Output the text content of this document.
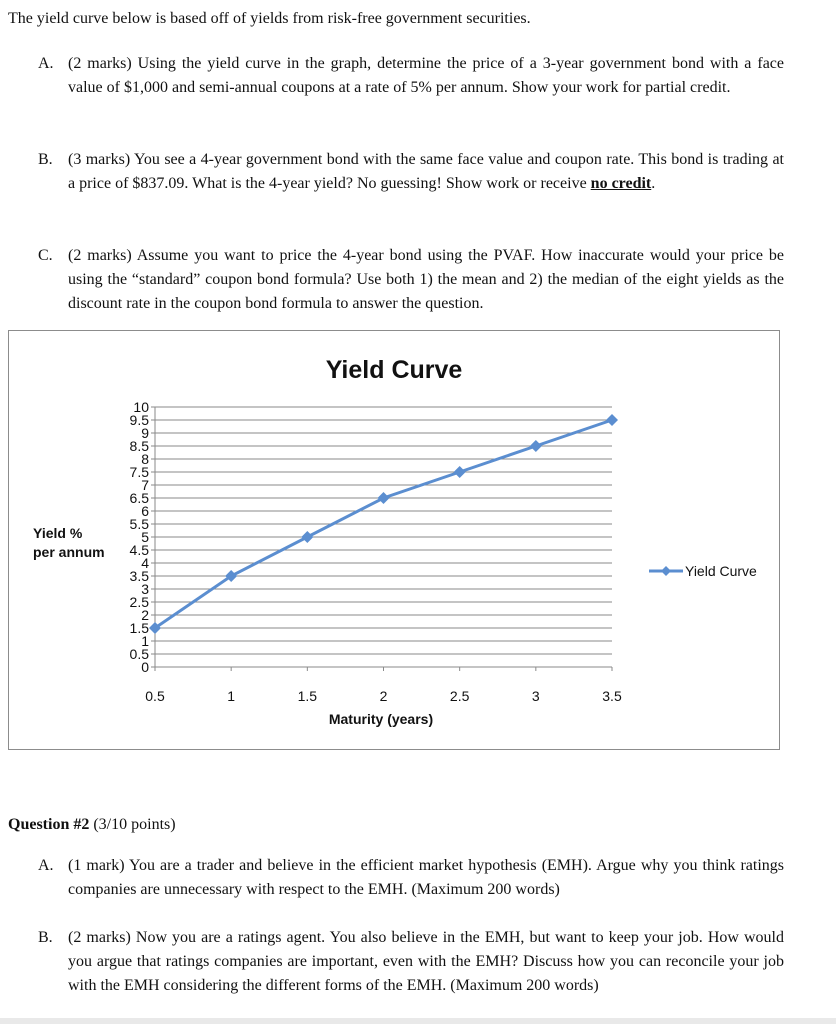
The yield curve below is based off of yields from risk-free government securities.
A. (2 marks) Using the yield curve in the graph, determine the price of a 3-year government bond with a face value of $1,000 and semi-annual coupons at a rate of 5% per annum. Show your work for partial credit.
B. (3 marks) You see a 4-year government bond with the same face value and coupon rate. This bond is trading at a price of $837.09. What is the 4-year yield? No guessing! Show work or receive no credit.
C. (2 marks) Assume you want to price the 4-year bond using the PVAF. How inaccurate would your price be using the “standard” coupon bond formula? Use both 1) the mean and 2) the median of the eight yields as the discount rate in the coupon bond formula to answer the question.
Yield Curve
Yield %
per annum
Maturity (years)
0
0.5
1
1.5
2
2.5
3
3.5
4
4.5
5
5.5
6
6.5
7
7.5
8
8.5
9
9.5
10
0.5	1	1.5	2	2.5	3	3.5
Yield Curve
Question #2 (3/10 points)
A. (1 mark) You are a trader and believe in the efficient market hypothesis (EMH). Argue why you think ratings companies are unnecessary with respect to the EMH. (Maximum 200 words)
B. (2 marks) Now you are a ratings agent. You also believe in the EMH, but want to keep your job. How would you argue that ratings companies are important, even with the EMH? Discuss how you can reconcile your job with the EMH considering the different forms of the EMH. (Maximum 200 words)
